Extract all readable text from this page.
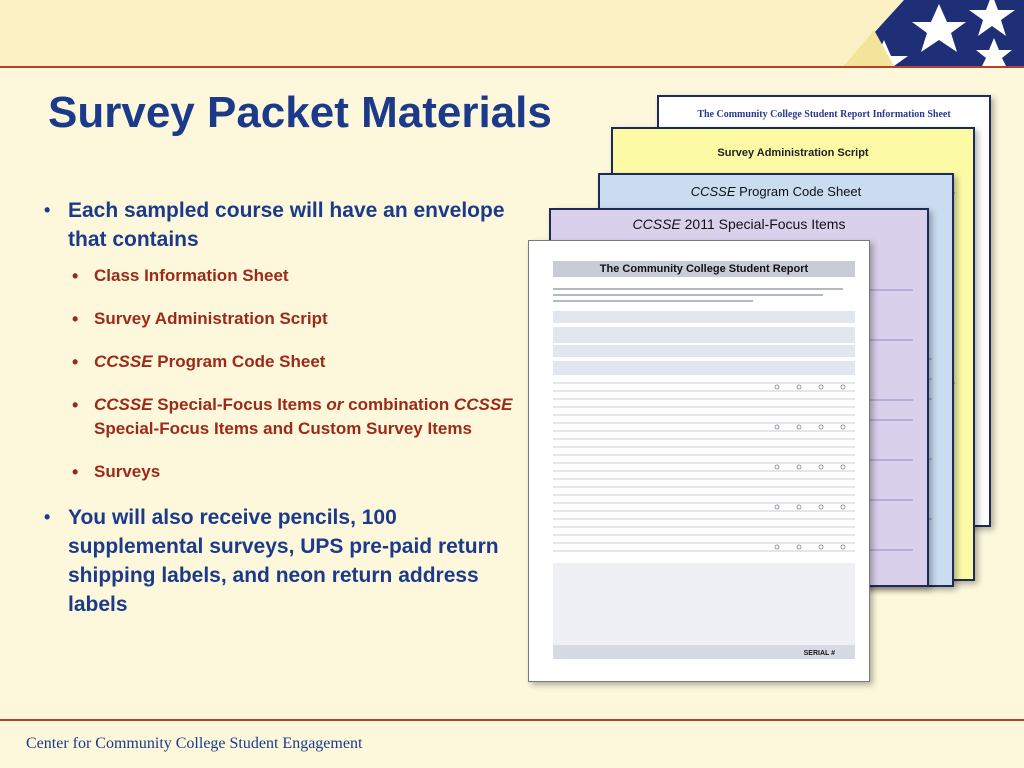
Survey Packet Materials
• Each sampled course will have an envelope that contains
• Class Information Sheet
• Survey Administration Script
• CCSSE Program Code Sheet
• CCSSE Special-Focus Items or combination CCSSE Special-Focus Items and Custom Survey Items
• Surveys
• You will also receive pencils, 100 supplemental surveys, UPS pre-paid return shipping labels, and neon return address labels
The Community College Student Report Information Sheet
Survey Administration Script
CCSSE Program Code Sheet
CCSSE 2011 Special-Focus Items
The Community College Student Report
SERIAL #
Center for Community College Student Engagement
